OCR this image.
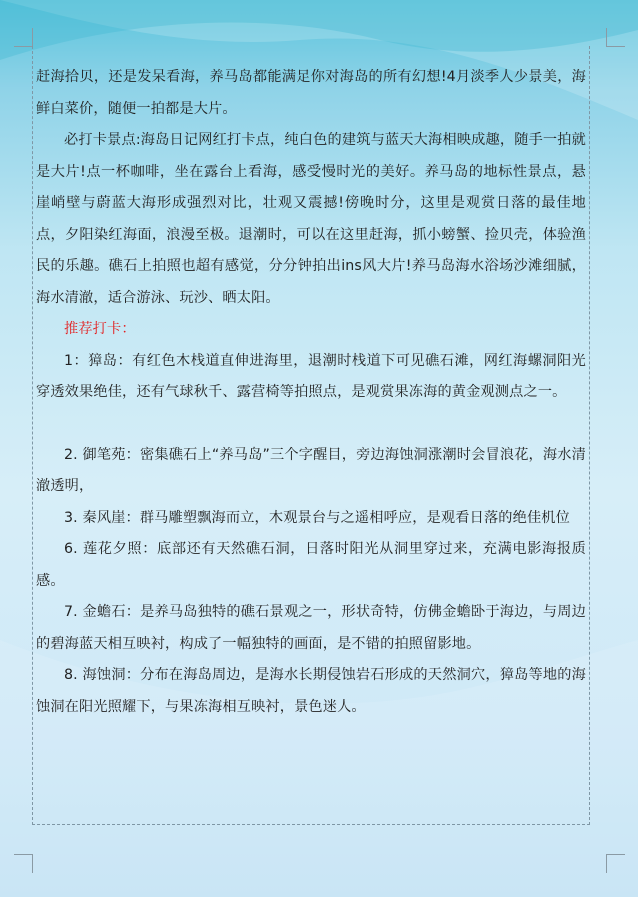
赶海拾贝，还是发呆看海，养马岛都能满足你对海岛的所有幻想!4月淡季人少景美，海鲜白菜价，随便一拍都是大片。

必打卡景点:海岛日记网红打卡点，纯白色的建筑与蓝天大海相映成趣，随手一拍就是大片!点一杯咖啡，坐在露台上看海，感受慢时光的美好。养马岛的地标性景点，悬崖峭壁与蔚蓝大海形成强烈对比，壮观又震撼!傍晚时分，这里是观赏日落的最佳地点，夕阳染红海面，浪漫至极。退潮时，可以在这里赶海，抓小螃蟹、捡贝壳，体验渔民的乐趣。礁石上拍照也超有感觉，分分钟拍出ins风大片!养马岛海水浴场沙滩细腻，海水清澈，适合游泳、玩沙、晒太阳。

推荐打卡：

1：獐岛：有红色木栈道直伸进海里，退潮时栈道下可见礁石滩，网红海螺洞阳光穿透效果绝佳，还有气球秋千、露营椅等拍照点，是观赏果冻海的黄金观测点之一。

2. 御笔苑：密集礁石上“养马岛”三个字醒目，旁边海蚀洞涨潮时会冒浪花，海水清澈透明，

3. 秦风崖：群马雕塑飘海而立，木观景台与之遥相呼应，是观看日落的绝佳机位

6. 莲花夕照：底部还有天然礁石洞，日落时阳光从洞里穿过来，充满电影海报质感。

7. 金蟾石：是养马岛独特的礁石景观之一，形状奇特，仿佛金蟾卧于海边，与周边的碧海蓝天相互映衬，构成了一幅独特的画面，是不错的拍照留影地。

8. 海蚀洞：分布在海岛周边，是海水长期侵蚀岩石形成的天然洞穴，獐岛等地的海蚀洞在阳光照耀下，与果冻海相互映衬，景色迷人。
